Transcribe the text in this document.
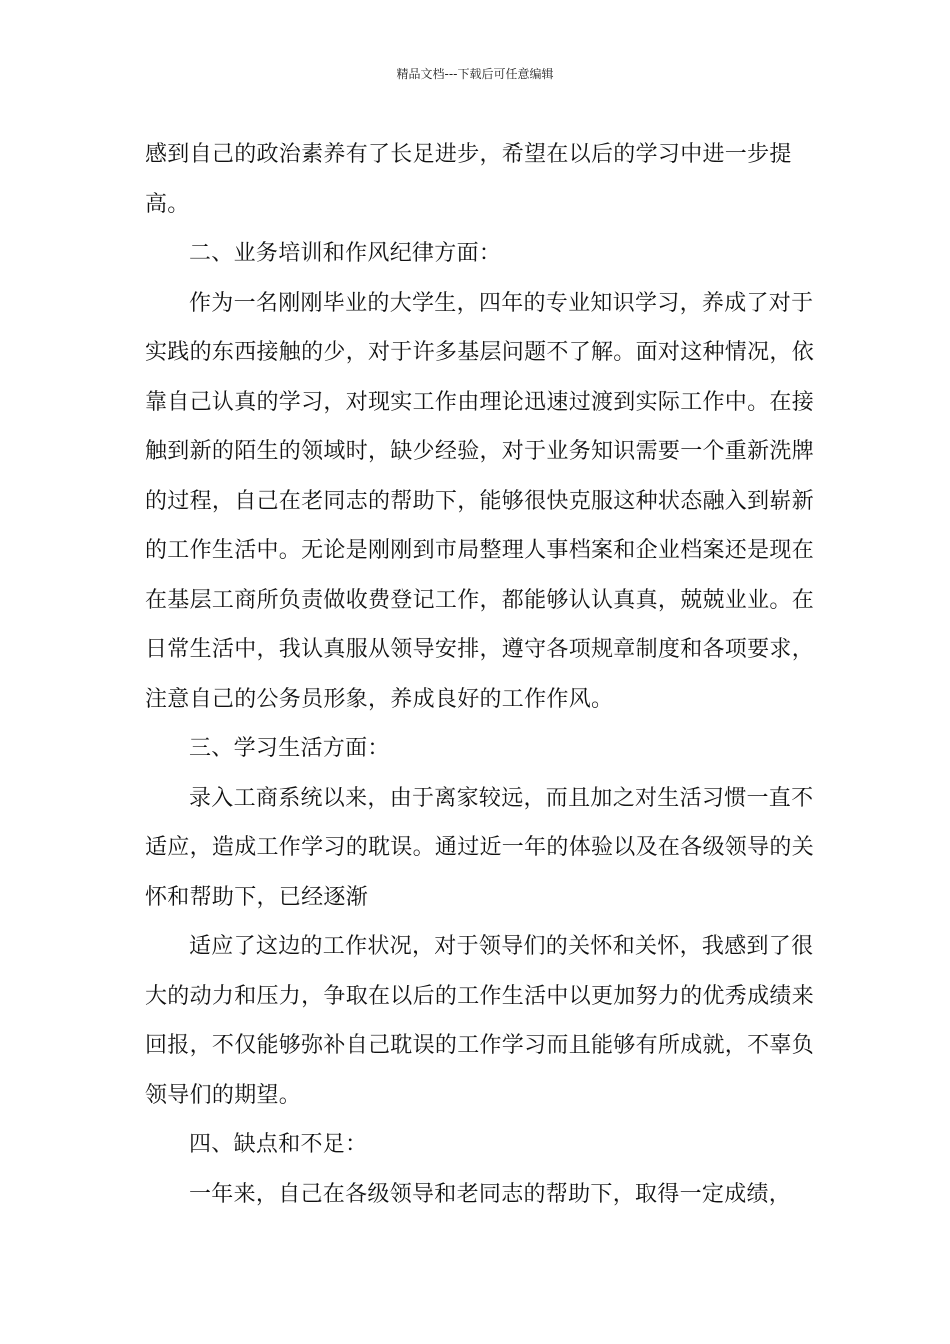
精品文档---下载后可任意编辑

感到自己的政治素养有了长足进步，希望在以后的学习中进一步提高。

二、业务培训和作风纪律方面：

作为一名刚刚毕业的大学生，四年的专业知识学习，养成了对于实践的东西接触的少，对于许多基层问题不了解。面对这种情况，依靠自己认真的学习，对现实工作由理论迅速过渡到实际工作中。在接触到新的陌生的领域时，缺少经验，对于业务知识需要一个重新洗牌的过程，自己在老同志的帮助下，能够很快克服这种状态融入到崭新的工作生活中。无论是刚刚到市局整理人事档案和企业档案还是现在在基层工商所负责做收费登记工作，都能够认认真真，兢兢业业。在日常生活中，我认真服从领导安排，遵守各项规章制度和各项要求，注意自己的公务员形象，养成良好的工作作风。

三、学习生活方面：

录入工商系统以来，由于离家较远，而且加之对生活习惯一直不适应，造成工作学习的耽误。通过近一年的体验以及在各级领导的关怀和帮助下，已经逐渐

适应了这边的工作状况，对于领导们的关怀和关怀，我感到了很大的动力和压力，争取在以后的工作生活中以更加努力的优秀成绩来回报，不仅能够弥补自己耽误的工作学习而且能够有所成就，不辜负领导们的期望。

四、缺点和不足：

一年来，自己在各级领导和老同志的帮助下，取得一定成绩，
